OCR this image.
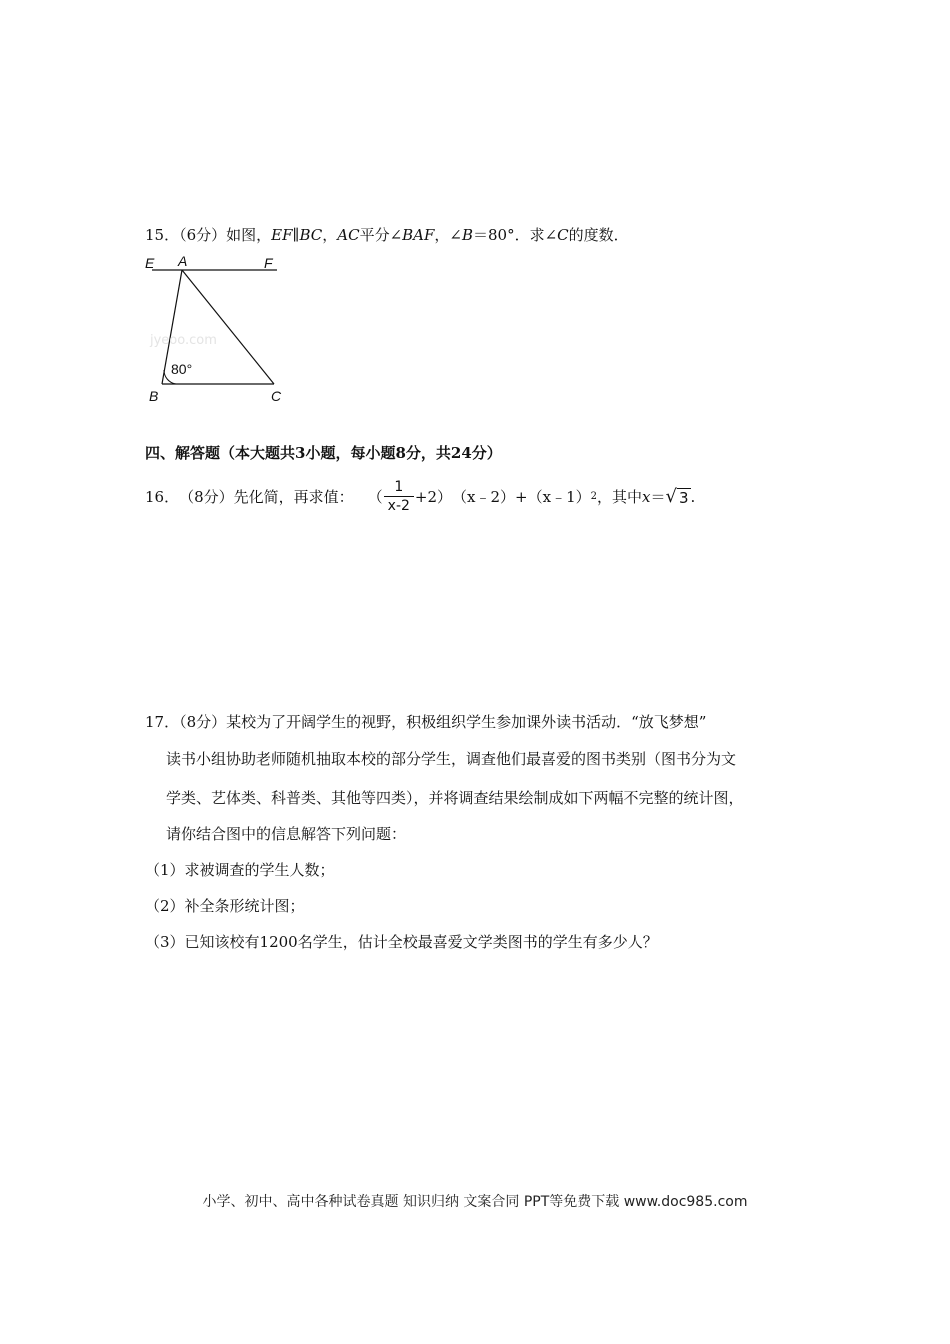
15．（6分）如图，EF∥BC，AC平分∠BAF，∠B＝80°．求∠C的度数．
jyeoo.com
E A	F
80°
B	C
四、解答题（本大题共3小题，每小题8分，共24分）
16． （8分） 先化简，再求值： （ $\frac{1}{x-2} +2$） （x﹣2）+（x﹣1） 2 ，其中 x ＝ √ 3 .
17．（8分）某校为了开阔学生的视野，积极组织学生参加课外读书活动．“放飞梦想”
读书小组协助老师随机抽取本校的部分学生，调查他们最喜爱的图书类别（图书分为文
学类、艺体类、科普类、其他等四类），并将调查结果绘制成如下两幅不完整的统计图，
请你结合图中的信息解答下列问题：
（1）求被调查的学生人数；
（2）补全条形统计图；
（3）已知该校有1200名学生，估计全校最喜爱文学类图书的学生有多少人？
小学、初中、高中各种试卷真题 知识归纳 文案合同 PPT等免费下载 www.doc985.com
